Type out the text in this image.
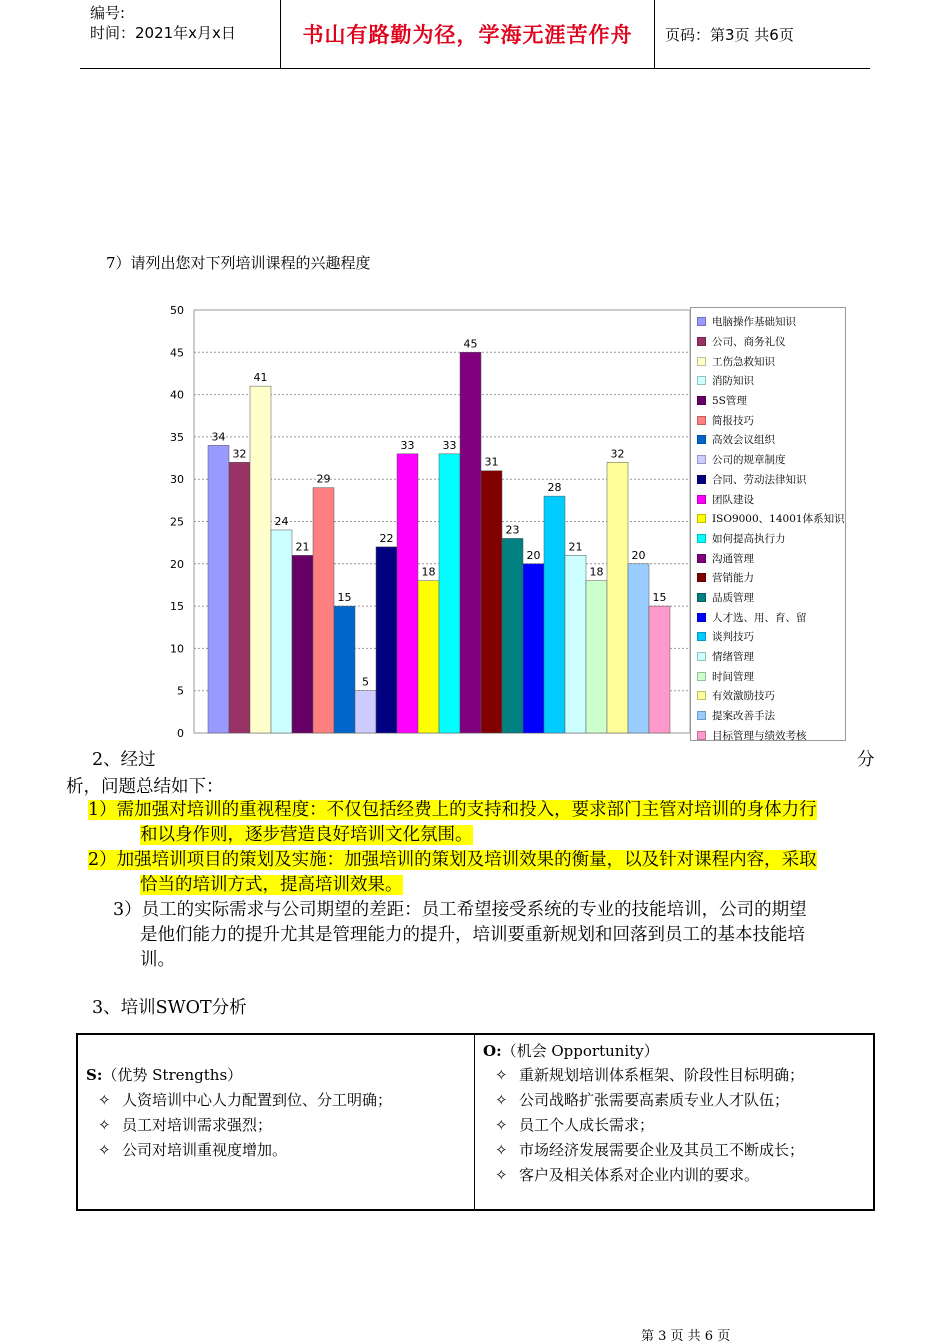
编号:
时间：2021年x月x日	书山有路勤为径，学海无涯苦作舟 页码：第3页 共6页
7）请列出您对下列培训课程的兴趣程度
0
5
10
15
20
25
30
35
40
45
50
34
32
41
24
21
29
15
5
22
33
18
33
45
31
23
20
28
21
18
32
20
15
电脑操作基础知识
公司、商务礼仪
工伤急救知识
消防知识
5S管理
简报技巧
高效会议组织
公司的规章制度
合同、劳动法律知识
团队建设
ISO9000、14001体系知识
如何提高执行力
沟通管理
营销能力
品质管理
人才选、用、育、留
谈判技巧
情绪管理
时间管理
有效激励技巧
提案改善手法
目标管理与绩效考核
2、经过	分
析，问题总结如下：
1）需加强对培训的重视程度：不仅包括经费上的支持和投入，要求部门主管对培训的身体力行
和以身作则，逐步营造良好培训文化氛围。
2）加强培训项目的策划及实施：加强培训的策划及培训效果的衡量，以及针对课程内容，采取
恰当的培训方式，提高培训效果。
3）员工的实际需求与公司期望的差距：员工希望接受系统的专业的技能培训，公司的期望
是他们能力的提升尤其是管理能力的提升，培训要重新规划和回落到员工的基本技能培
训。
3、培训SWOT分析
S:（优势 Strengths）
✧ 人资培训中心人力配置到位、分工明确；
✧ 员工对培训需求强烈；
✧ 公司对培训重视度增加。
O:（机会 Opportunity）
✧ 重新规划培训体系框架、阶段性目标明确；
✧ 公司战略扩张需要高素质专业人才队伍；
✧ 员工个人成长需求；
✧ 市场经济发展需要企业及其员工不断成长；
✧ 客户及相关体系对企业内训的要求。
第 3 页 共 6 页
